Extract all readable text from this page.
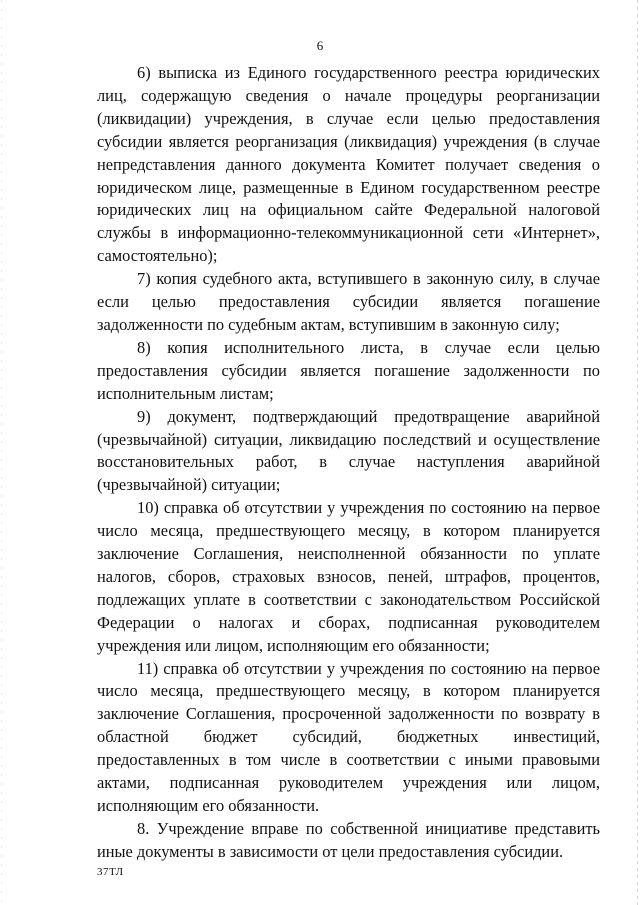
6

6) выписка из Единого государственного реестра юридических лиц, содержащую сведения о начале процедуры реорганизации (ликвидации) учреждения, в случае если целью предоставления субсидии является реорганизация (ликвидация) учреждения (в случае непредставления данного документа Комитет получает сведения о юридическом лице, размещенные в Едином государственном реестре юридических лиц на официальном сайте Федеральной налоговой службы в информационно-телекоммуникационной сети «Интернет», самостоятельно);

7) копия судебного акта, вступившего в законную силу, в случае если целью предоставления субсидии является погашение задолженности по судебным актам, вступившим в законную силу;

8) копия исполнительного листа, в случае если целью предоставления субсидии является погашение задолженности по исполнительным листам;

9) документ, подтверждающий предотвращение аварийной (чрезвычайной) ситуации, ликвидацию последствий и осуществление восстановительных работ, в случае наступления аварийной (чрезвычайной) ситуации;

10) справка об отсутствии у учреждения по состоянию на первое число месяца, предшествующего месяцу, в котором планируется заключение Соглашения, неисполненной обязанности по уплате налогов, сборов, страховых взносов, пеней, штрафов, процентов, подлежащих уплате в соответствии с законодательством Российской Федерации о налогах и сборах, подписанная руководителем учреждения или лицом, исполняющим его обязанности;

11) справка об отсутствии у учреждения по состоянию на первое число месяца, предшествующего месяцу, в котором планируется заключение Соглашения, просроченной задолженности по возврату в областной бюджет субсидий, бюджетных инвестиций, предоставленных в том числе в соответствии с иными правовыми актами, подписанная руководителем учреждения или лицом, исполняющим его обязанности.

8. Учреждение вправе по собственной инициативе представить иные документы в зависимости от цели предоставления субсидии.

37ТЛ
